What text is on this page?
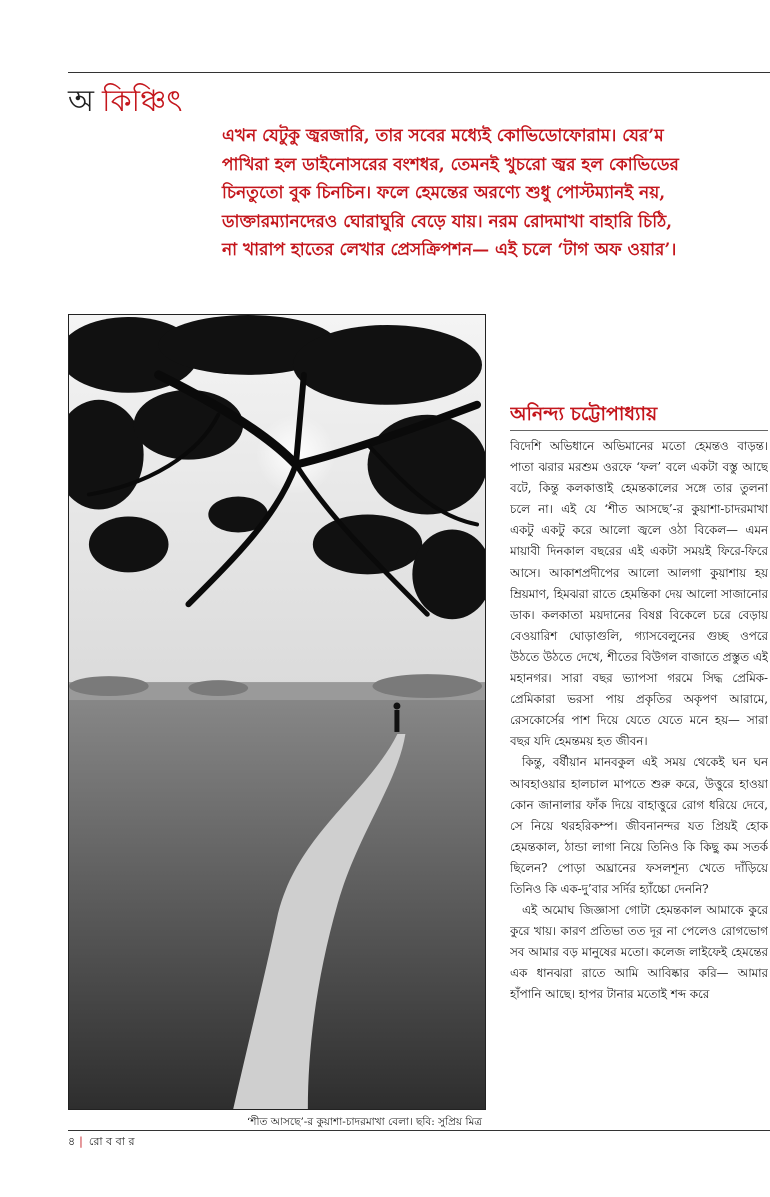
অ কিঞ্চিৎ

এখন যেটুকু জ্বরজারি, তার সবের মধ্যেই কোভিডোফোরাম। যের’ম পাখিরা হল ডাইনোসরের বংশধর, তেমনই খুচরো জ্বর হল কোভিডের চিনতুতো বুক চিনচিন। ফলে হেমন্তের অরণ্যে শুধু পোস্টম্যানই নয়, ডাক্তারম্যানদেরও ঘোরাঘুরি বেড়ে যায়। নরম রোদমাখা বাহারি চিঠি, না খারাপ হাতের লেখার প্রেসক্রিপশন— এই চলে ‘টাগ অফ ওয়ার’।

‘শীত আসছে’-র কুয়াশা-চাদরমাখা বেলা। ছবি: সুপ্রিয় মিত্র
অনিন্দ্য চট্টোপাধ্যায়

বিদেশি অভিধানে অভিমানের মতো হেমন্তও বাড়ন্ত। পাতা ঝরার মরশুম ওরফে ‘ফল’ বলে একটা বস্তু আছে বটে, কিন্তু কলকাত্তাই হেমন্তকালের সঙ্গে তার তুলনা চলে না। এই যে ‘শীত আসছে’-র কুয়াশা-চাদরমাখা একটু একটু করে আলো জ্বলে ওঠা বিকেল— এমন মায়াবী দিনকাল বছরের এই একটা সময়ই ফিরে-ফিরে আসে। আকাশপ্রদীপের আলো আলগা কুয়াশায় হয় ম্রিয়মাণ, হিমঝরা রাতে হেমন্তিকা দেয় আলো সাজানোর ডাক। কলকাতা ময়দানের বিষণ্ণ বিকেলে চরে বেড়ায় বেওয়ারিশ ঘোড়াগুলি, গ্যাসবেলুনের গুচ্ছ ওপরে উঠতে উঠতে দেখে, শীতের বিউগল বাজাতে প্রস্তুত এই মহানগর। সারা বছর ভ্যাপসা গরমে সিদ্ধ প্রেমিক-প্রেমিকারা ভরসা পায় প্রকৃতির অকৃপণ আরামে, রেসকোর্সের পাশ দিয়ে যেতে যেতে মনে হয়— সারা বছর যদি হেমন্তময় হত জীবন।

কিন্তু, বর্ষীয়ান মানবকুল এই সময় থেকেই ঘন ঘন আবহাওয়ার হালচাল মাপতে শুরু করে, উত্তুরে হাওয়া কোন জানালার ফাঁক দিয়ে বাহাত্তুরে রোগ ধরিয়ে দেবে, সে নিয়ে থরহরিকম্প। জীবনানন্দর যত প্রিয়ই হোক হেমন্তকাল, ঠান্ডা লাগা নিয়ে তিনিও কি কিছু কম সতর্ক ছিলেন? পোড়া অঘ্রানের ফসলশূন্য খেতে দাঁড়িয়ে তিনিও কি এক-দু’বার সর্দির হ্যাঁচ্চো দেননি?

এই অমোঘ জিজ্ঞাসা গোটা হেমন্তকাল আমাকে কুরে কুরে খায়। কারণ প্রতিভা তত দূর না পেলেও রোগভোগ সব আমার বড় মানুষের মতো। কলেজ লাইফেই হেমন্তের এক ধানঝরা রাতে আমি আবিষ্কার করি— আমার হাঁপানি আছে। হাপর টানার মতোই শব্দ করে

৪ | রো ব বা র
